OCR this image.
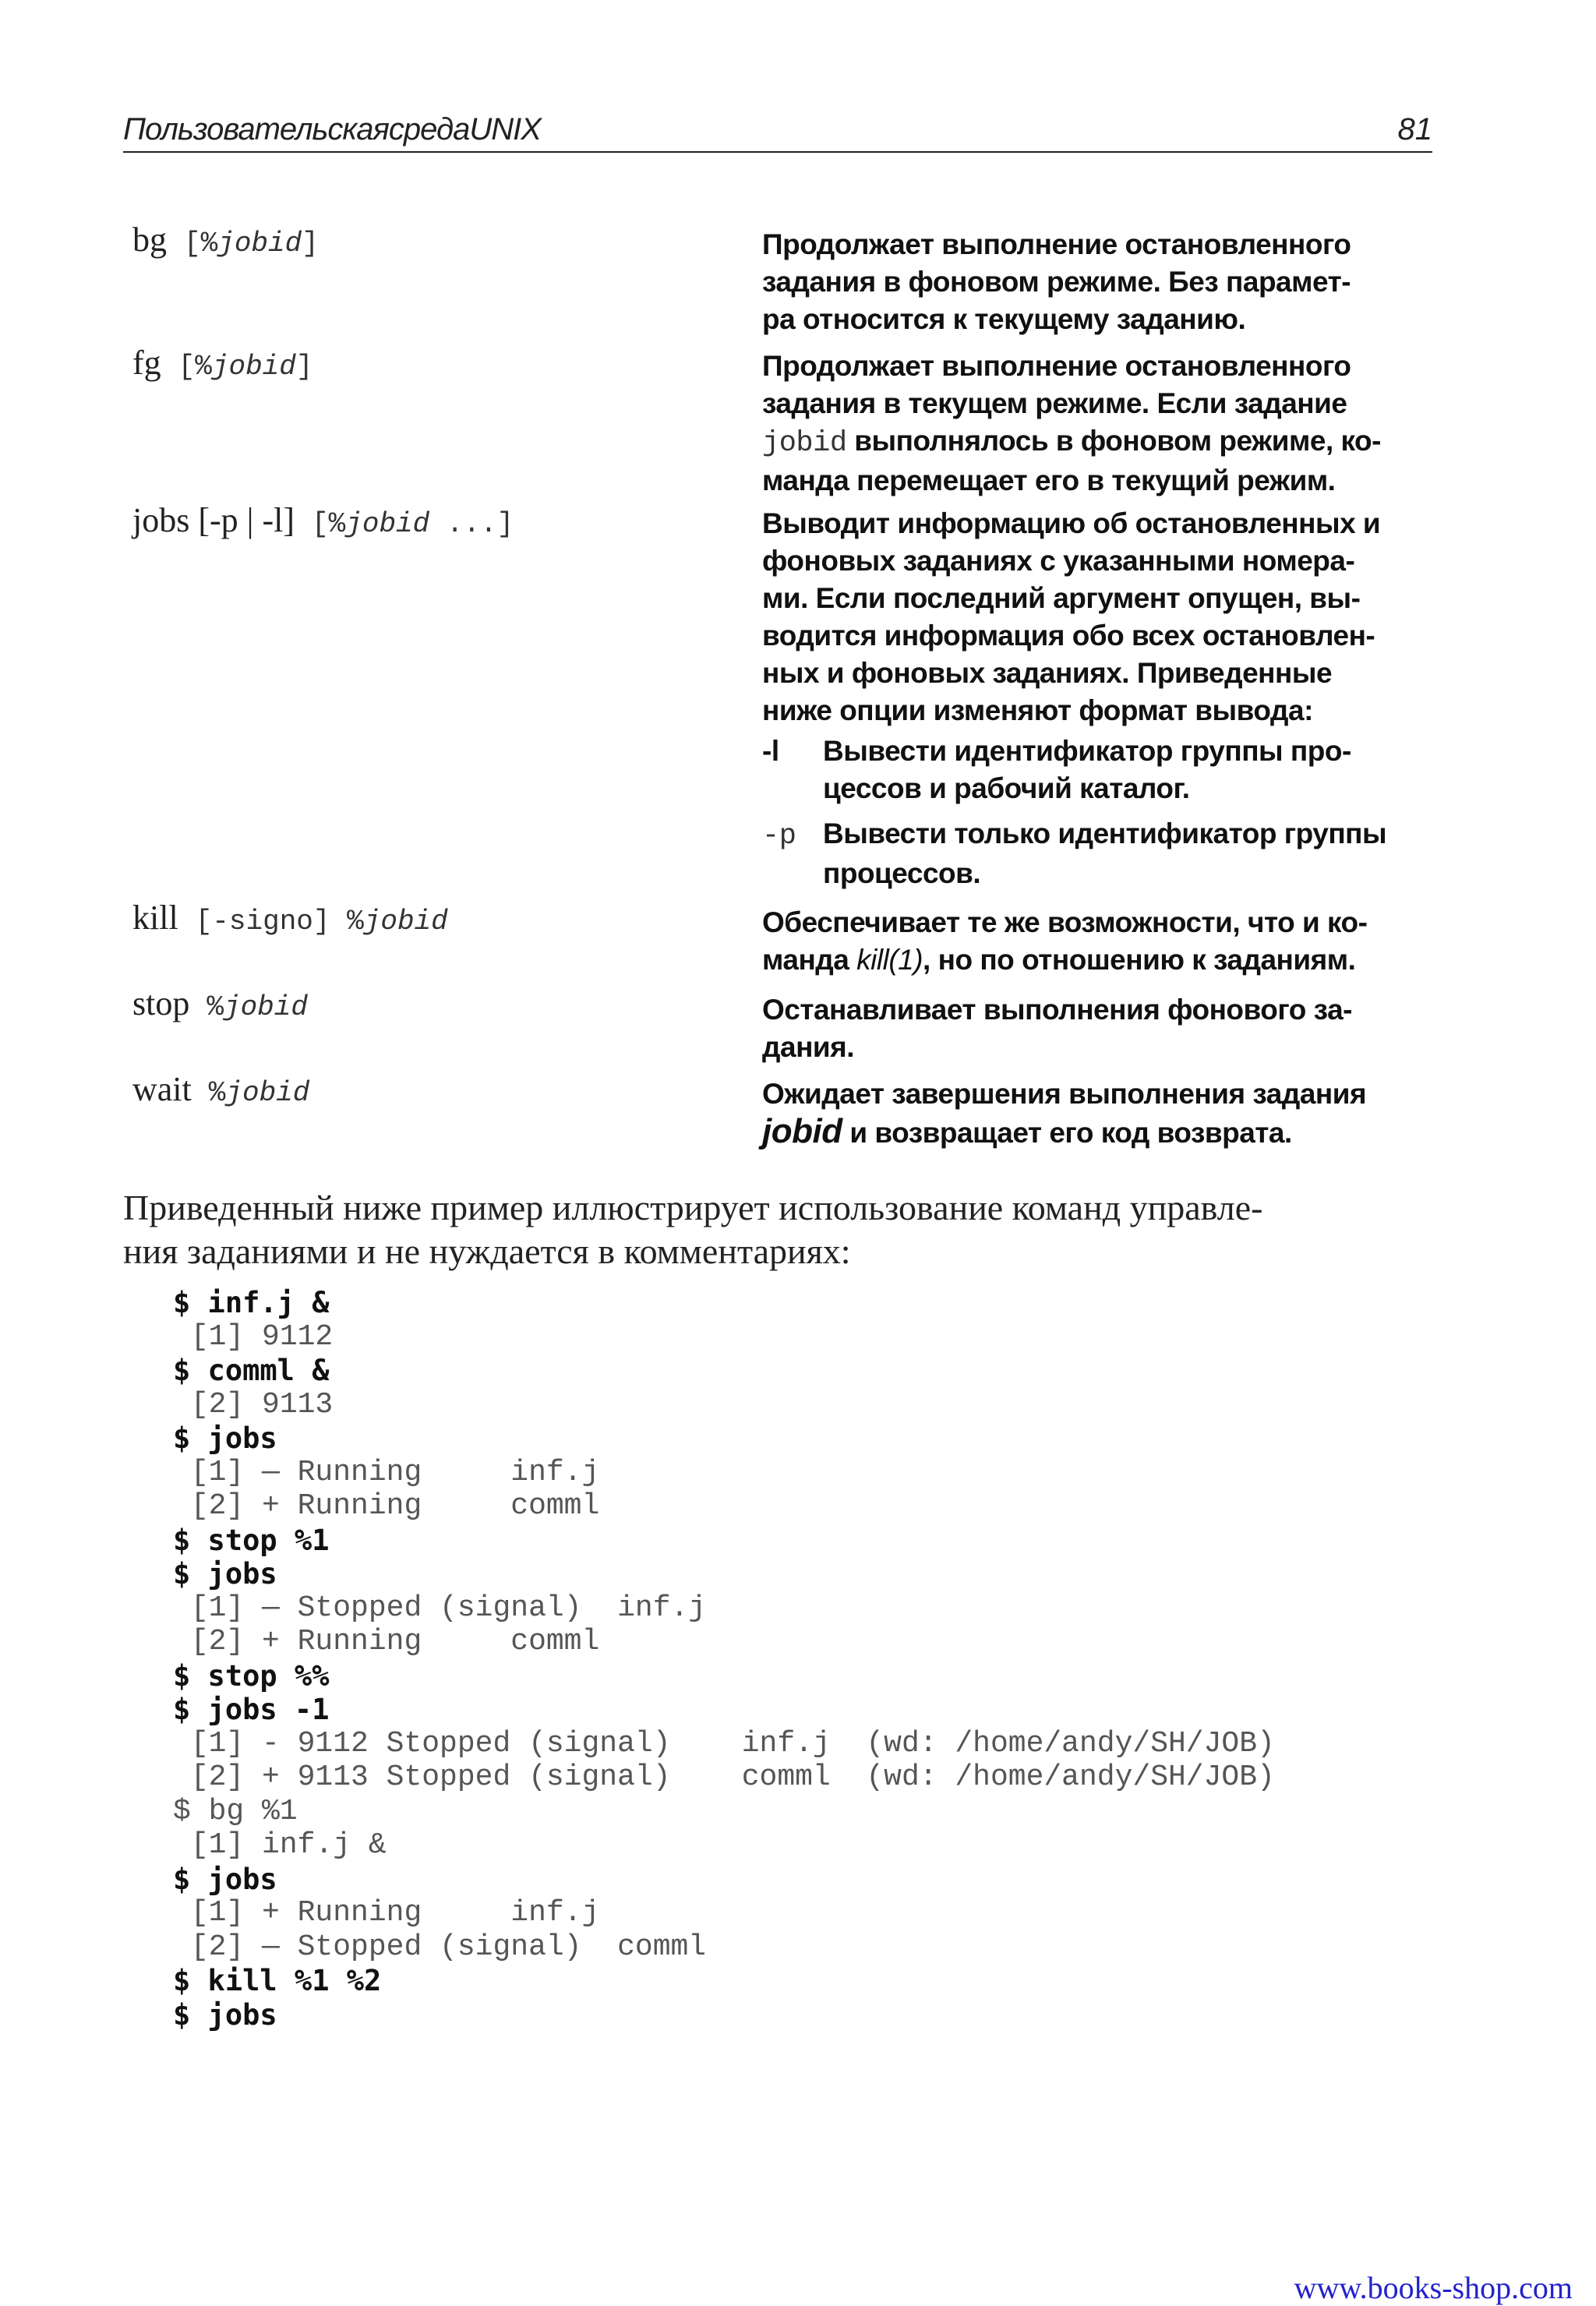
ПользовательскаясредаUNIX	81
bg [%jobid]	Продолжает выполнение остановленного
задания в фоновом режиме. Без парамет-
ра относится к текущему заданию.
fg [%jobid]	Продолжает выполнение остановленного
задания в текущем режиме. Если задание
jobid выполнялось в фоновом режиме, ко-
манда перемещает его в текущий режим.
jobs [-p | -l] [%jobid ...]	Выводит информацию об остановленных и
фоновых заданиях с указанными номера-
ми. Если последний аргумент опущен, вы-
водится информация обо всех остановлен-
ных и фоновых заданиях. Приведенные
ниже опции изменяют формат вывода:
-l Вывести идентификатор группы про-
цессов и рабочий каталог.
-p Вывести только идентификатор группы
процессов.
kill [-signo] %jobid	Обеспечивает те же возможности, что и ко-
манда kill(1), но по отношению к заданиям.
stop %jobid	Останавливает выполнения фонового за-
дания.
wait %jobid	Ожидает завершения выполнения задания
jobid и возвращает его код возврата.
Приведенный ниже пример иллюстрирует использование команд управле-
ния заданиями и не нуждается в комментариях:
$ inf.j &
[1] 9112
$ comml &
[2] 9113
$ jobs
[1] — Running     inf.j
[2] + Running     comml
$ stop %1
$ jobs
[1] — Stopped (signal)  inf.j
[2] + Running     comml
$ stop %%
$ jobs -1
[1] - 9112 Stopped (signal)    inf.j  (wd: /home/andy/SH/JOB)
[2] + 9113 Stopped (signal)    comml  (wd: /home/andy/SH/JOB)
$ bg %1
[1] inf.j &
$ jobs
[1] + Running     inf.j
[2] — Stopped (signal)  comml
$ kill %1 %2
$ jobs
www.books-shop.com
